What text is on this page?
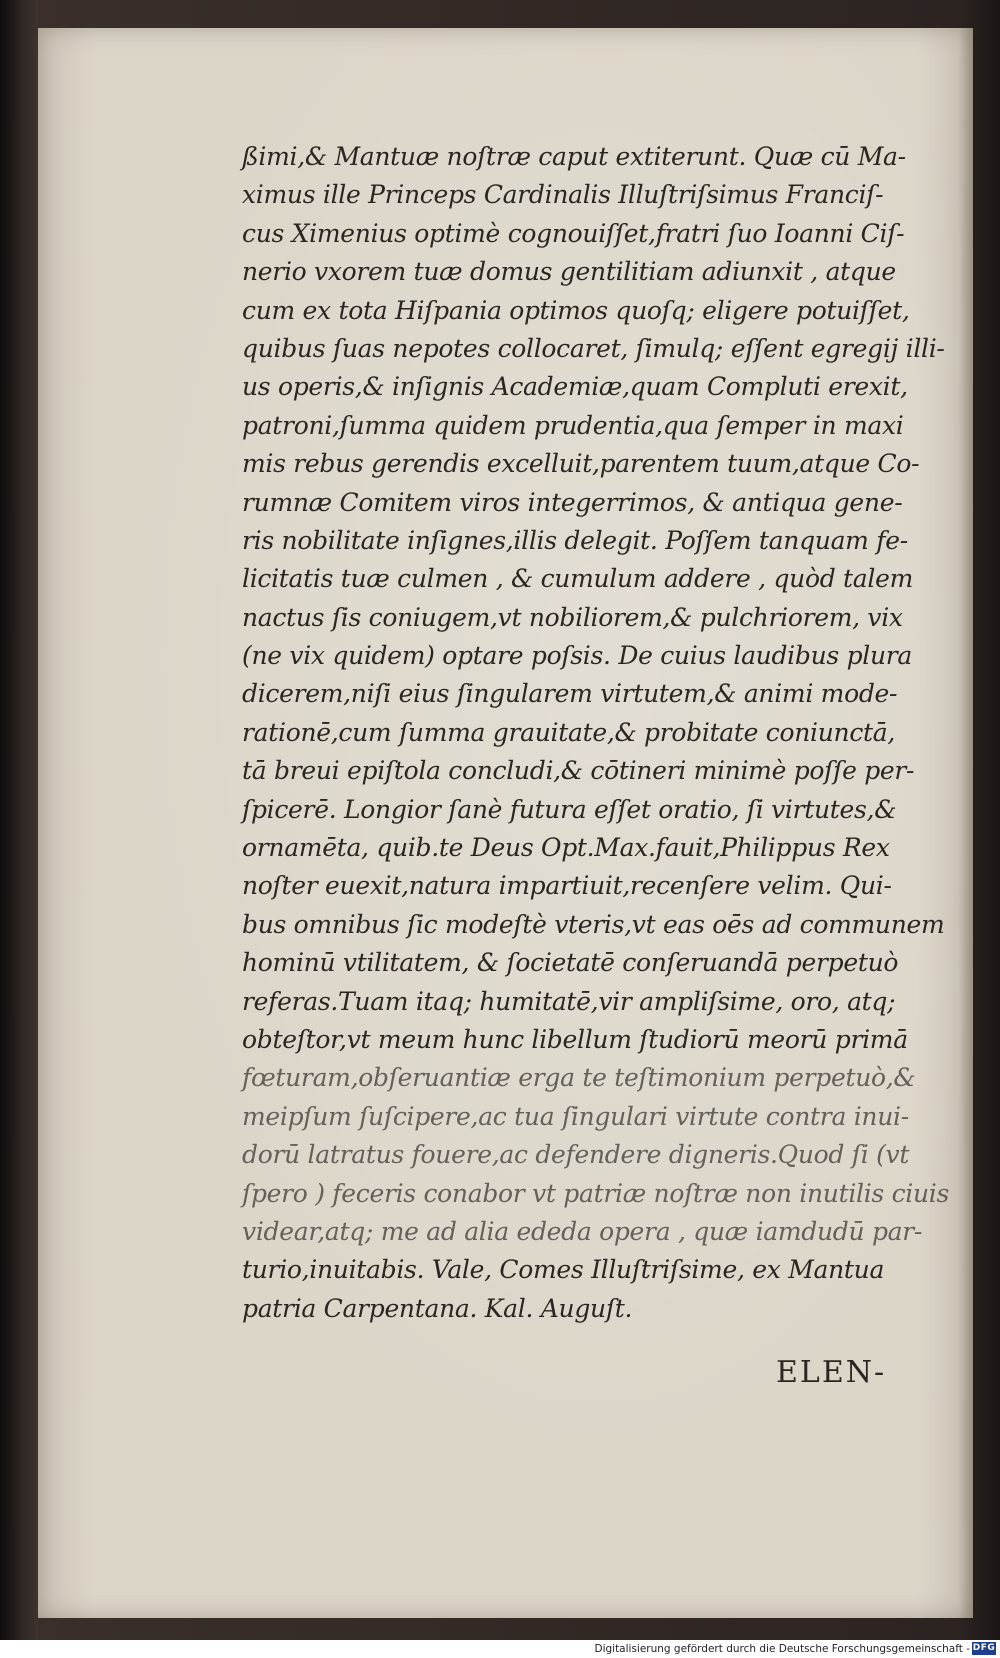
ßimi,& Mantuæ noſtræ caput extiterunt. Quæ cū Ma-
ximus ille Princeps Cardinalis Illuſtriſsimus Franciſ-
cus Ximenius optimè cognouiſſet,fratri ſuo Ioanni Ciſ-
nerio vxorem tuæ domus gentilitiam adiunxit , atque
cum ex tota Hiſpania optimos quoſq; eligere potuiſſet,
quibus ſuas nepotes collocaret, ſimulq; eſſent egregij illi-
us operis,& inſignis Academiæ,quam Compluti erexit,
patroni,ſumma quidem prudentia,qua ſemper in maxi
mis rebus gerendis excelluit,parentem tuum,atque Co-
rumnæ Comitem viros integerrimos, & antiqua gene-
ris nobilitate inſignes,illis delegit. Poſſem tanquam fe-
licitatis tuæ culmen , & cumulum addere , quòd talem
nactus ſis coniugem,vt nobiliorem,& pulchriorem, vix
(ne vix quidem) optare poſsis. De cuius laudibus plura
dicerem,niſi eius ſingularem virtutem,& animi mode-
rationē,cum ſumma grauitate,& probitate coniunctā,
tā breui epiſtola concludi,& cōtineri minimè poſſe per-
ſpicerē. Longior ſanè futura eſſet oratio, ſi virtutes,&
ornamēta, quib.te Deus Opt.Max.fauit,Philippus Rex
noſter euexit,natura impartiuit,recenſere velim. Qui-
bus omnibus ſic modeſtè vteris,vt eas oēs ad communem
hominū vtilitatem, & ſocietatē conſeruandā perpetuò
referas.Tuam itaq; humitatē,vir ampliſsime, oro, atq;
obteſtor,vt meum hunc libellum ſtudiorū meorū primā
fœturam,obſeruantiæ erga te teſtimonium perpetuò,&
meipſum ſuſcipere,ac tua ſingulari virtute contra inui-
dorū latratus fouere,ac defendere digneris.Quod ſi (vt
ſpero ) feceris conabor vt patriæ noſtræ non inutilis ciuis
videar,atq; me ad alia ededa opera , quæ iamdudū par-
turio,inuitabis. Vale, Comes Illuſtriſsime, ex Mantua
patria Carpentana. Kal. Auguſt.
ELEN-
Digitalisierung gefördert durch die Deutsche Forschungsgemeinschaft - DFG
